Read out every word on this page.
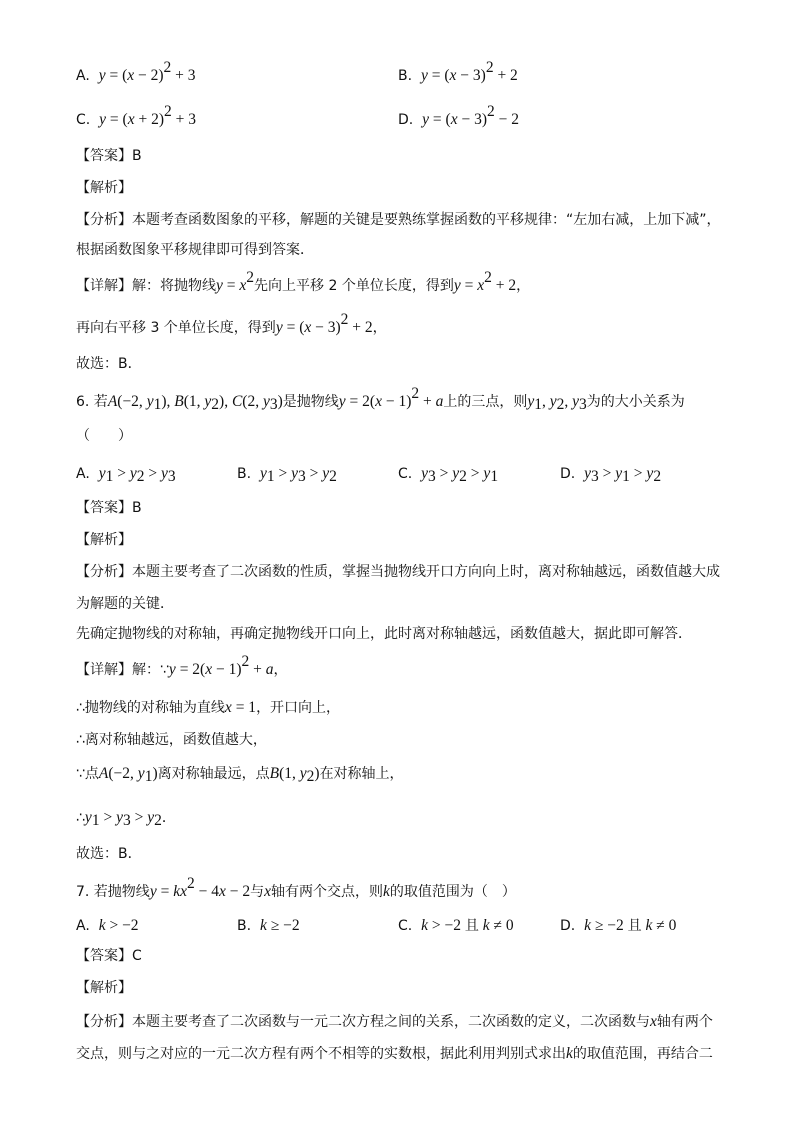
A. $y = (x - 2)^2 + 3$	B. $y = (x - 3)^2 + 2$
C. $y = (x + 2)^2 + 3$	D. $y = (x - 3)^2 - 2$
【答案】B
【解析】
【分析】本题考查函数图象的平移，解题的关键是要熟练掌握函数的平移规律：“左加右减，上加下减”，
根据函数图象平移规律即可得到答案．
【详解】解：将抛物线$y = x^2$先向上平移 2 个单位长度，得到$y = x^2 + 2$，
再向右平移 3 个单位长度，得到$y = (x - 3)^2 + 2$，
故选：B．
6. 若A(−2, $y_1$), B(1, $y_2$), C(2, $y_3$)是抛物线$y = 2(x - 1)^2 + a$上的三点，则$y_1$, $y_2$, $y_3$为的大小关系为
（　　）
A. $y_1 > y_2 > y_3$	B. $y_1 > y_3 > y_2$	C. $y_3 > y_2 > y_1$	D. $y_3 > y_1 > y_2$
【答案】B
【解析】
【分析】本题主要考查了二次函数的性质，掌握当抛物线开口方向向上时，离对称轴越远，函数值越大成
为解题的关键．
先确定抛物线的对称轴，再确定抛物线开口向上，此时离对称轴越远，函数值越大，据此即可解答．
【详解】解：∵y = $2(x - 1)^2 + a$，
∴抛物线的对称轴为直线x = 1，开口向上，
∴离对称轴越远，函数值越大，
∵点A(−2, $y_1$)离对称轴最远，点B(1, $y_2$)在对称轴上，
$\therefore y_1 > y_3 > y_2$．
故选：B．
7. 若抛物线$y = kx^2 - 4x - 2$与x轴有两个交点，则k的取值范围为（　）
A. k > −2	B. k ≥ −2	C. k > −2 且 k ≠ 0	D. k ≥ −2 且 k ≠ 0
【答案】C
【解析】
【分析】本题主要考查了二次函数与一元二次方程之间的关系，二次函数的定义，二次函数与x轴有两个
交点，则与之对应的一元二次方程有两个不相等的实数根，据此利用判别式求出k的取值范围，再结合二
